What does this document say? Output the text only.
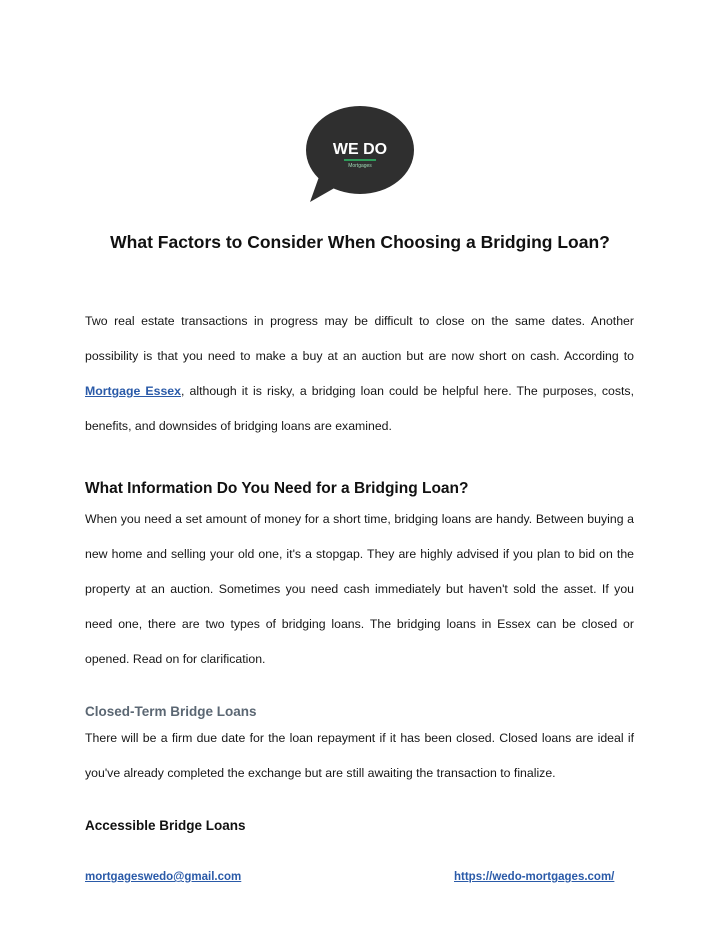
WE DO
Mortgages
What Factors to Consider When Choosing a Bridging Loan?

Two real estate transactions in progress may be difficult to close on the same dates. Another possibility is that you need to make a buy at an auction but are now short on cash. According to Mortgage Essex, although it is risky, a bridging loan could be helpful here. The purposes, costs, benefits, and downsides of bridging loans are examined.

What Information Do You Need for a Bridging Loan?

When you need a set amount of money for a short time, bridging loans are handy. Between buying a new home and selling your old one, it's a stopgap. They are highly advised if you plan to bid on the property at an auction. Sometimes you need cash immediately but haven't sold the asset. If you need one, there are two types of bridging loans. The bridging loans in Essex can be closed or opened. Read on for clarification.

Closed-Term Bridge Loans

There will be a firm due date for the loan repayment if it has been closed. Closed loans are ideal if you've already completed the exchange but are still awaiting the transaction to finalize.

Accessible Bridge Loans
mortgageswedo@gmail.com	https://wedo-mortgages.com/
